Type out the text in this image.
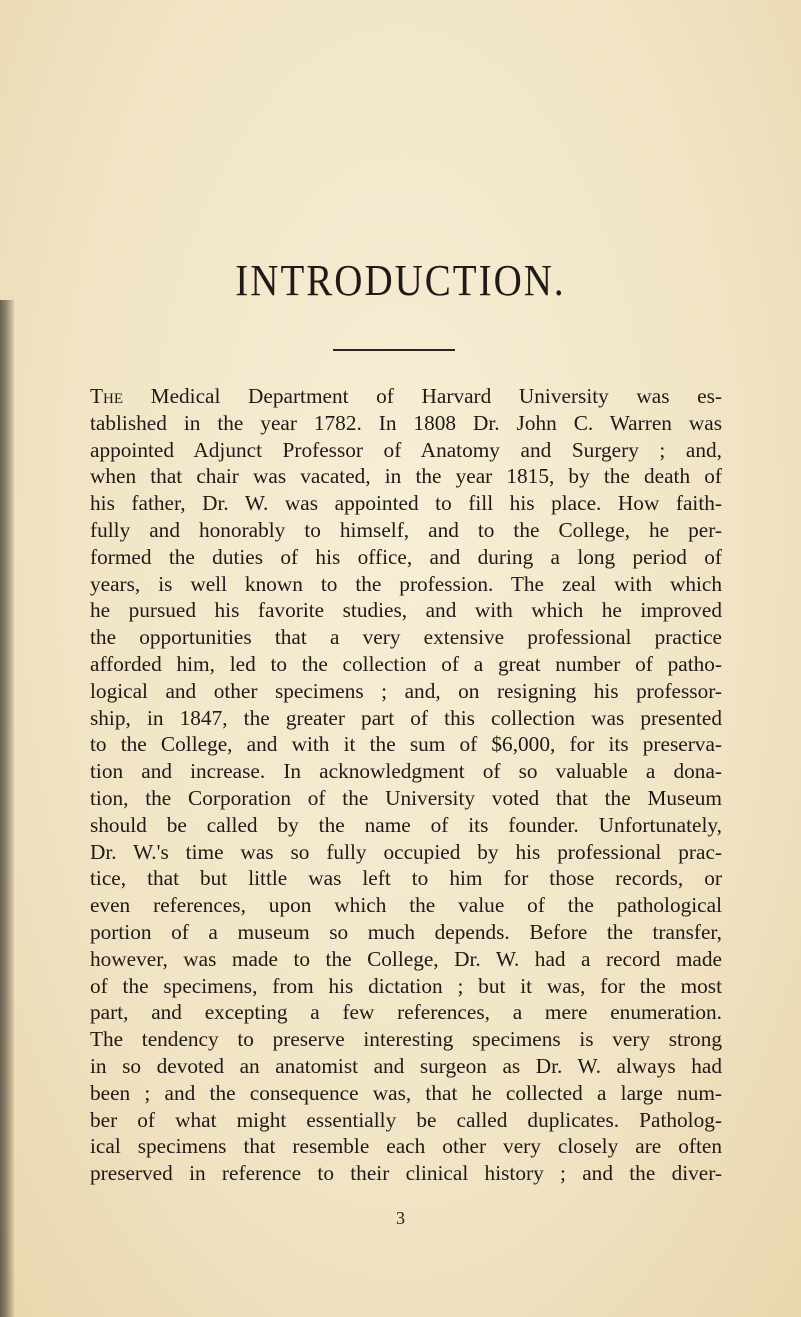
INTRODUCTION.
The Medical Department of Harvard University was es-
tablished in the year 1782. In 1808 Dr. John C. Warren was
appointed Adjunct Professor of Anatomy and Surgery ; and,
when that chair was vacated, in the year 1815, by the death of
his father, Dr. W. was appointed to fill his place. How faith-
fully and honorably to himself, and to the College, he per-
formed the duties of his office, and during a long period of
years, is well known to the profession. The zeal with which
he pursued his favorite studies, and with which he improved
the opportunities that a very extensive professional practice
afforded him, led to the collection of a great number of patho-
logical and other specimens ; and, on resigning his professor-
ship, in 1847, the greater part of this collection was presented
to the College, and with it the sum of $6,000, for its preserva-
tion and increase. In acknowledgment of so valuable a dona-
tion, the Corporation of the University voted that the Museum
should be called by the name of its founder. Unfortunately,
Dr. W.'s time was so fully occupied by his professional prac-
tice, that but little was left to him for those records, or
even references, upon which the value of the pathological
portion of a museum so much depends. Before the transfer,
however, was made to the College, Dr. W. had a record made
of the specimens, from his dictation ; but it was, for the most
part, and excepting a few references, a mere enumeration.
The tendency to preserve interesting specimens is very strong
in so devoted an anatomist and surgeon as Dr. W. always had
been ; and the consequence was, that he collected a large num-
ber of what might essentially be called duplicates. Patholog-
ical specimens that resemble each other very closely are often
preserved in reference to their clinical history ; and the diver-
3
